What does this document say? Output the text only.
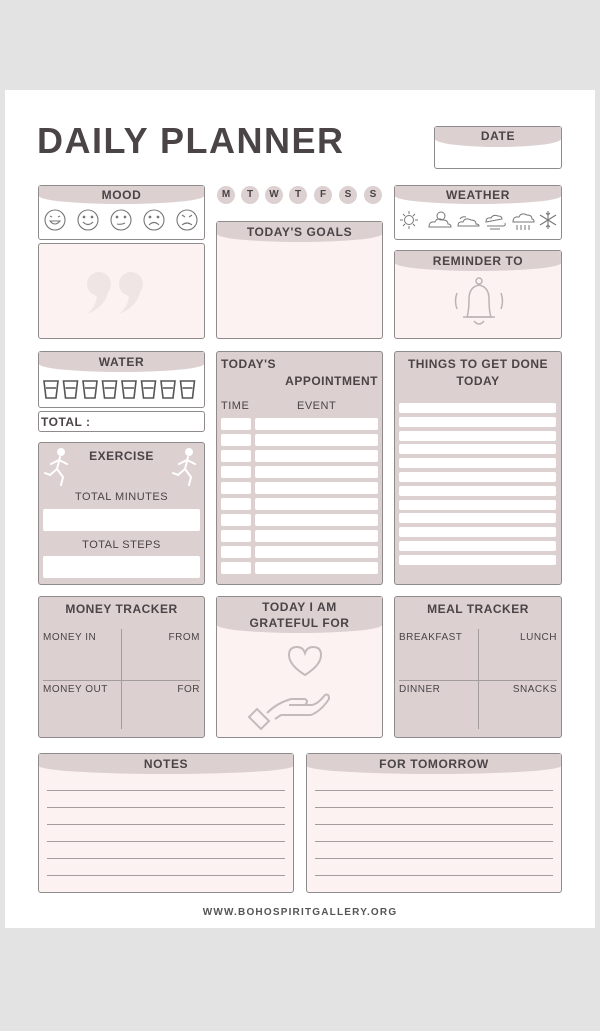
DAILY PLANNER	DATE
MOOD	M	T	W	T	F	S	S
TODAY'S GOALS
WEATHER
REMINDER TO
WATER
TOTAL :
EXERCISE
TOTAL MINUTES
TOTAL STEPS
TODAY'S
APPOINTMENT
TIME	EVENT
THINGS TO GET DONE
TODAY
MONEY TRACKER
MONEY IN	FROM
MONEY OUT	FOR
TODAY I AM
GRATEFUL FOR
MEAL TRACKER
BREAKFAST	LUNCH
DINNER	SNACKS
NOTES	FOR TOMORROW
WWW.BOHOSPIRITGALLERY.ORG
